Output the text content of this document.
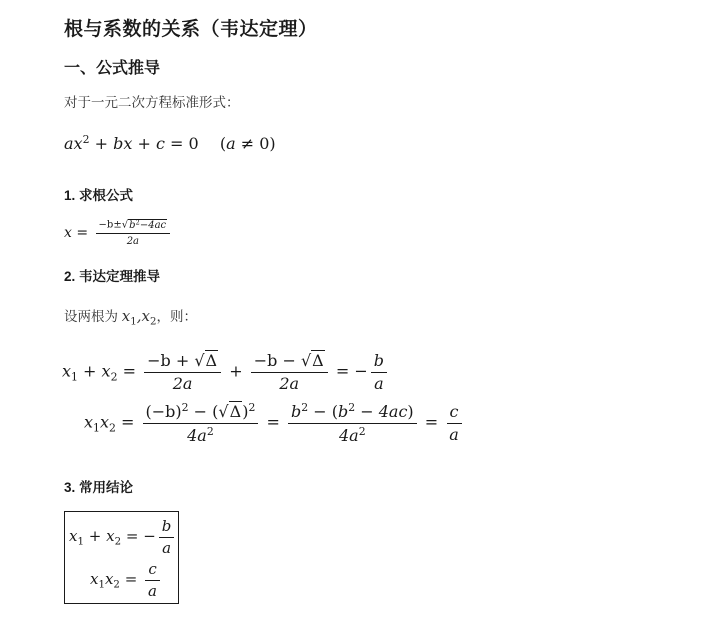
根与系数的关系（韦达定理）
一、公式推导
对于一元二次方程标准形式：
$ax^2$ + bx + c = 0 (a ≠ 0)
1. 求根公式
$x = \frac{-b\pm√b^2-4ac}{2a}$
2. 韦达定理推导
设两根为 $x_1,x_2$，则：
$x_1 + x_2 = \frac{-b + √\Delta}{2a} + \frac{-b - √\Delta}{2a}$ = − $\frac{b}{a}$
$x_1x_2 = \frac{(-b)^2 - (√\Delta)^2}{4a^2} = \frac{b^2 - (b^2 - 4ac)}{4a^2} = \frac{c}{a}$
3. 常用结论
$x_1 + x_2$ = − $\frac{b}{a}$
$x_1x_2 = \frac{c}{a}$
